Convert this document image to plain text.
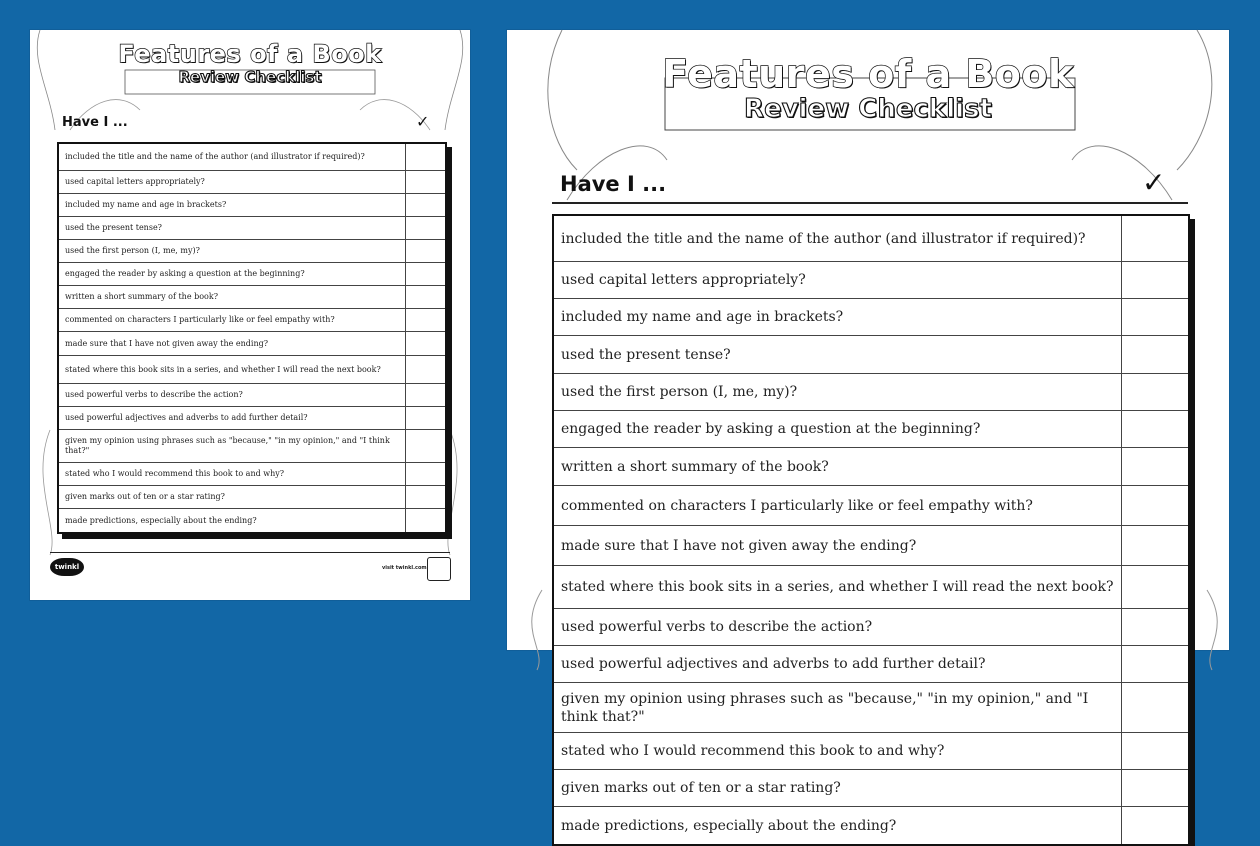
Features of a Book
Review Checklist
Have I ...	✓
included the title and the name of the author (and illustrator if required)?
used capital letters appropriately?
included my name and age in brackets?
used the present tense?
used the first person (I, me, my)?
engaged the reader by asking a question at the beginning?
written a short summary of the book?
commented on characters I particularly like or feel empathy with?
made sure that I have not given away the ending?
stated where this book sits in a series, and whether I will read the next book?
used powerful verbs to describe the action?
used powerful adjectives and adverbs to add further detail?
given my opinion using phrases such as "because," "in my opinion," and "I think that?"
stated who I would recommend this book to and why?
given marks out of ten or a star rating?
made predictions, especially about the ending?
twinkl	visit twinkl.com
Features of a Book
Review Checklist
Have I ...	✓
included the title and the name of the author (and illustrator if required)?
used capital letters appropriately?
included my name and age in brackets?
used the present tense?
used the first person (I, me, my)?
engaged the reader by asking a question at the beginning?
written a short summary of the book?
commented on characters I particularly like or feel empathy with?
made sure that I have not given away the ending?
stated where this book sits in a series, and whether I will read the next book?
used powerful verbs to describe the action?
used powerful adjectives and adverbs to add further detail?
given my opinion using phrases such as "because," "in my opinion," and "I think that?"
stated who I would recommend this book to and why?
given marks out of ten or a star rating?
made predictions, especially about the ending?
